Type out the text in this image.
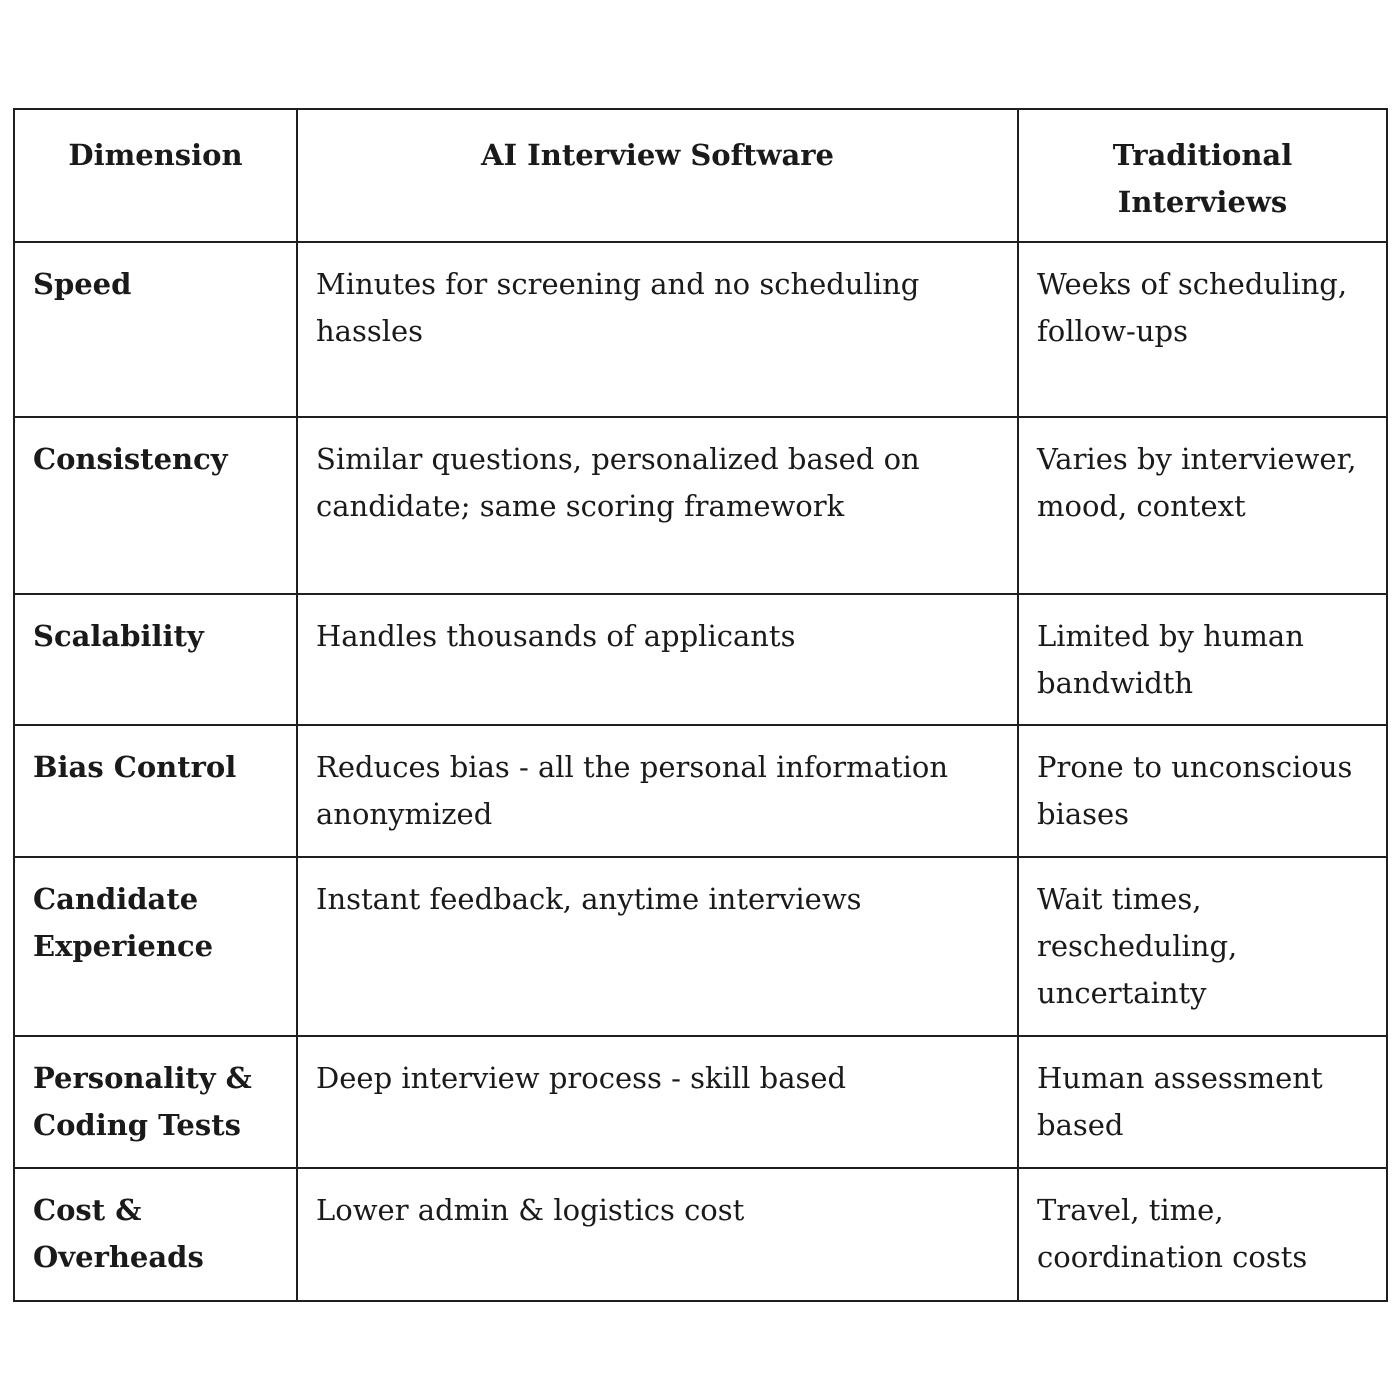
Dimension	AI Interview Software	Traditional Interviews
Speed	Minutes for screening and no scheduling hassles	Weeks of scheduling, follow-ups
Consistency	Similar questions, personalized based on candidate; same scoring framework	Varies by interviewer, mood, context
Scalability	Handles thousands of applicants	Limited by human bandwidth
Bias Control	Reduces bias - all the personal information anonymized	Prone to unconscious biases
Candidate Experience	Instant feedback, anytime interviews	Wait times, rescheduling, uncertainty
Personality & Coding Tests	Deep interview process - skill based	Human assessment based
Cost & Overheads	Lower admin & logistics cost	Travel, time, coordination costs
